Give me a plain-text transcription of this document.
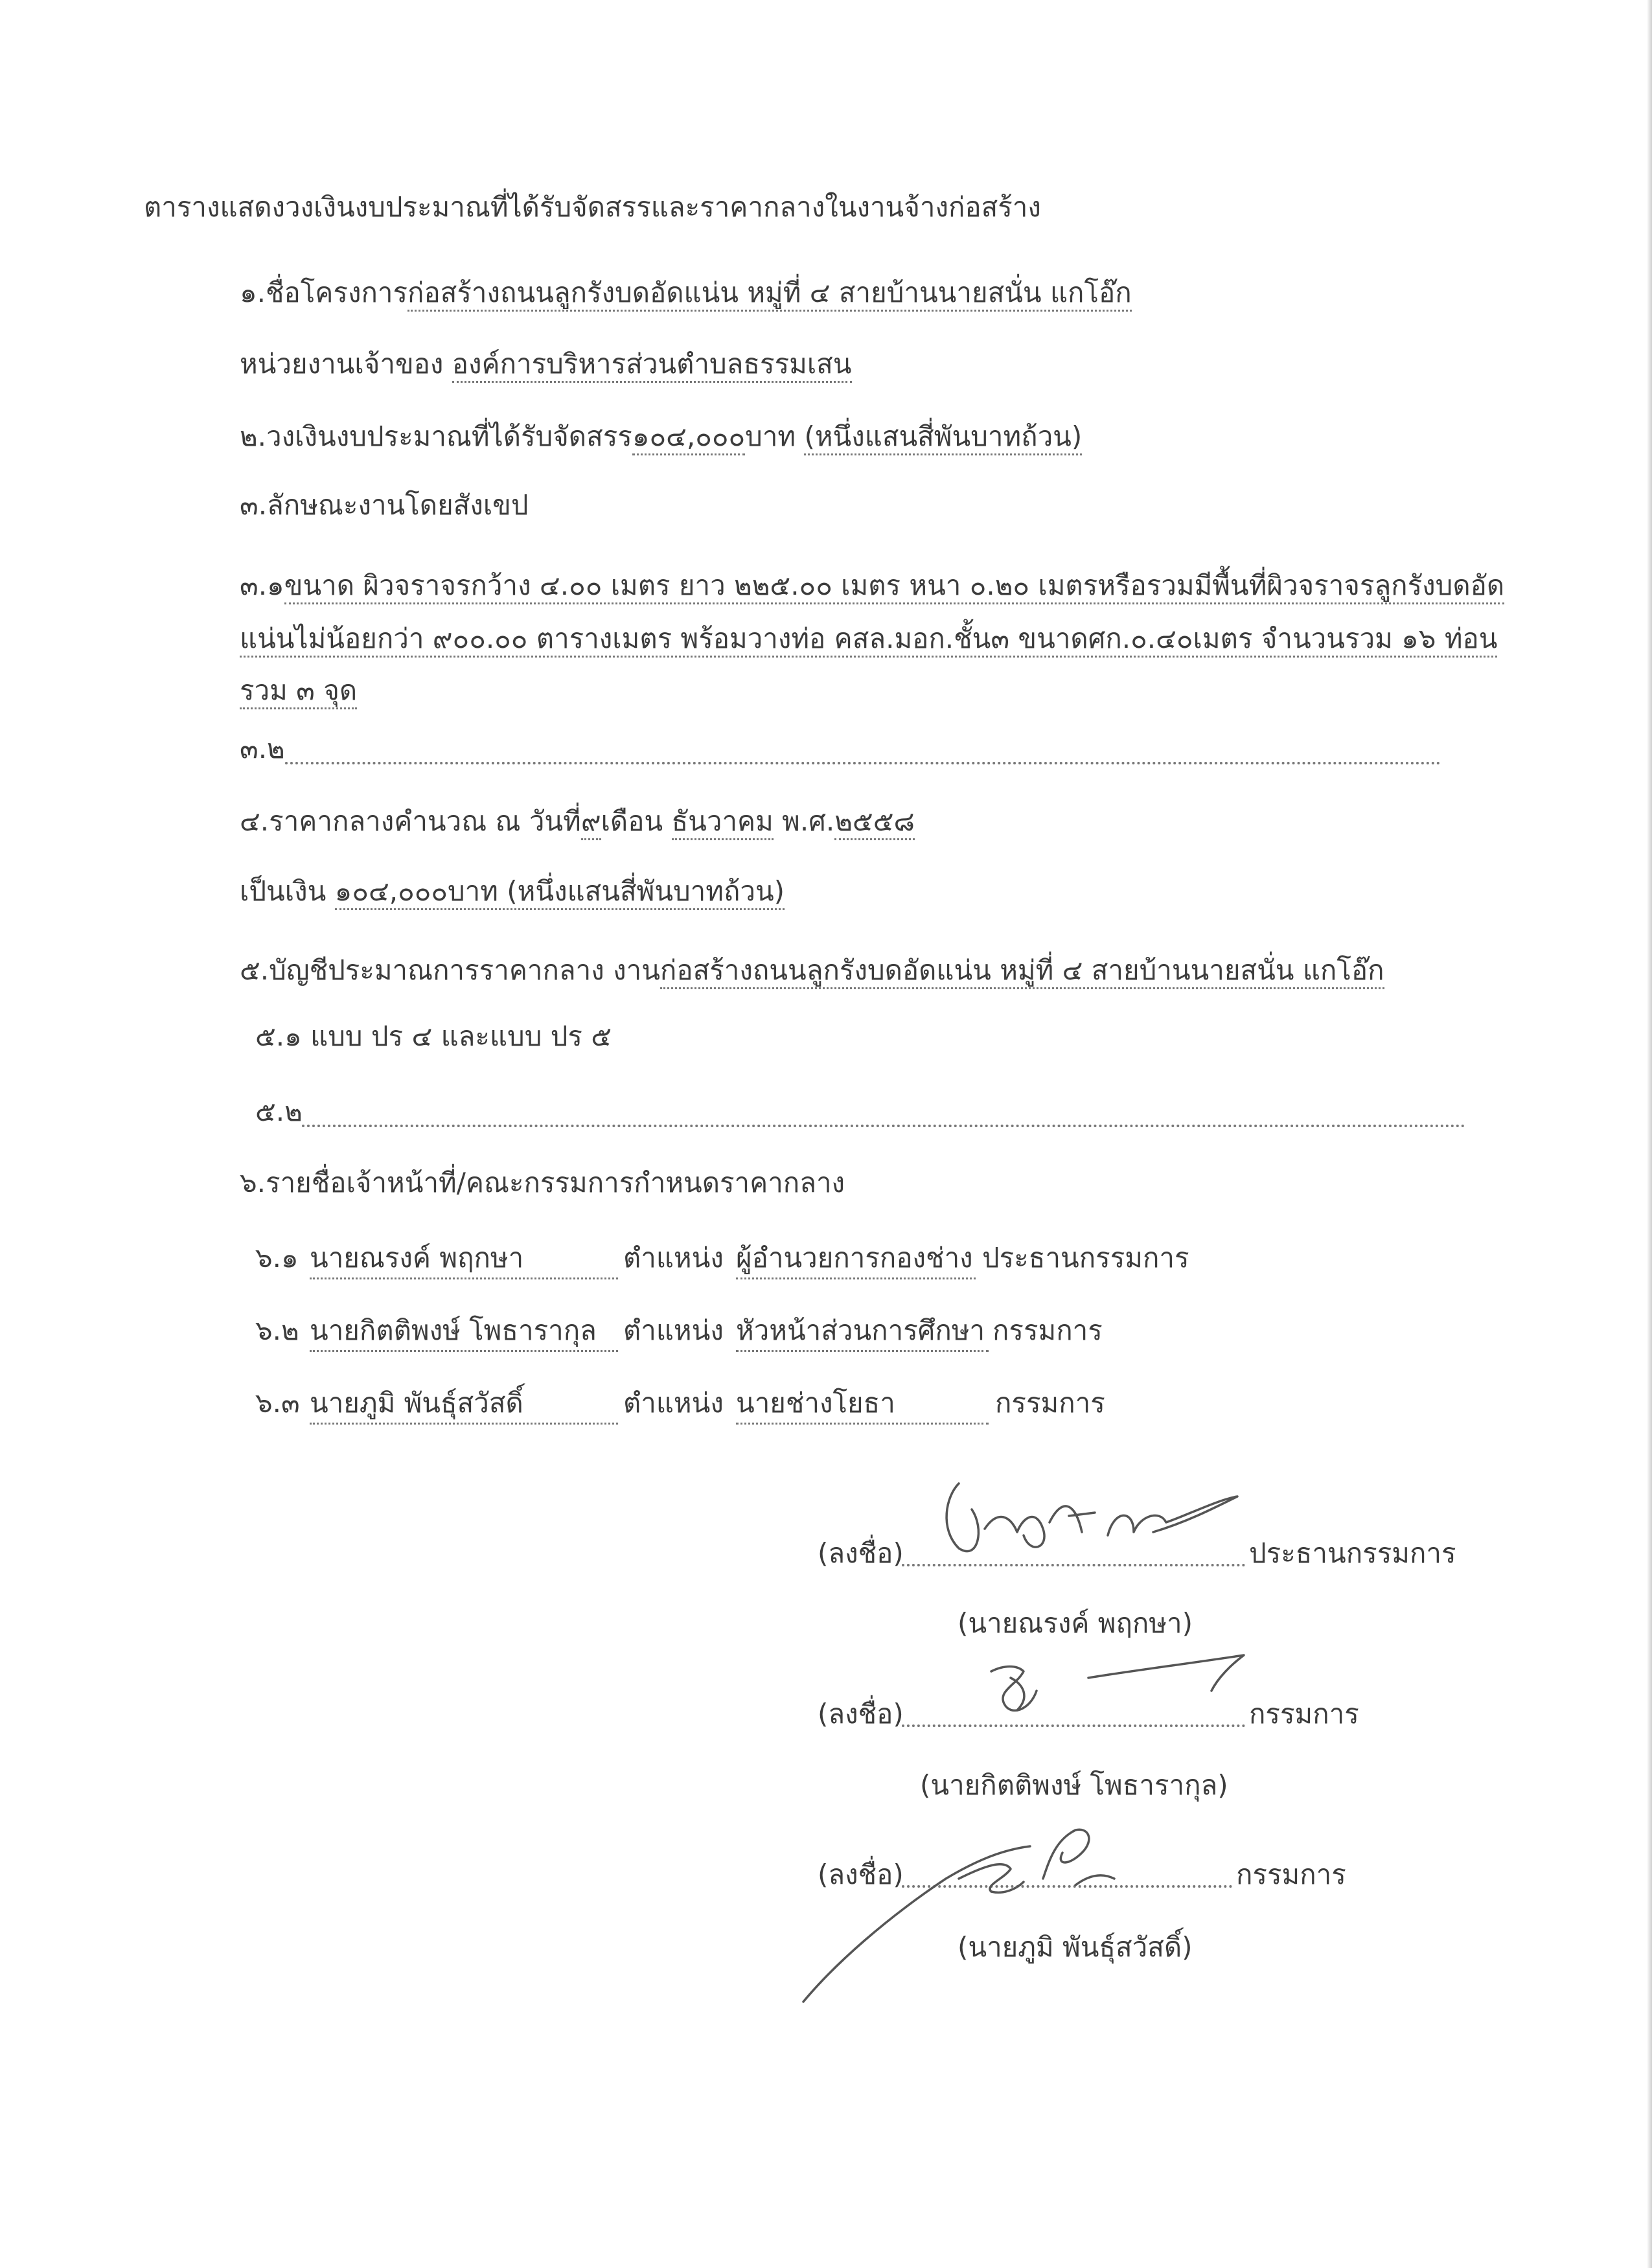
ตารางแสดงวงเงินงบประมาณที่ได้รับจัดสรรและราคากลางในงานจ้างก่อสร้าง
๑.ชื่อโครงการก่อสร้างถนนลูกรังบดอัดแน่น หมู่ที่ ๔ สายบ้านนายสนั่น แกโอ๊ก
หน่วยงานเจ้าของ องค์การบริหารส่วนตำบลธรรมเสน
๒.วงเงินงบประมาณที่ได้รับจัดสรร๑๐๔,๐๐๐บาท (หนึ่งแสนสี่พันบาทถ้วน)
๓.ลักษณะงานโดยสังเขป
๓.๑ขนาด ผิวจราจรกว้าง ๔.๐๐ เมตร ยาว ๒๒๕.๐๐ เมตร หนา ๐.๒๐ เมตรหรือรวมมีพื้นที่ผิวจราจรลูกรังบดอัด
แน่นไม่น้อยกว่า ๙๐๐.๐๐ ตารางเมตร พร้อมวางท่อ คสล.มอก.ชั้น๓ ขนาดศก.๐.๔๐เมตร จำนวนรวม ๑๖ ท่อน
รวม ๓ จุด
๓.๒
๔.ราคากลางคำนวณ ณ วันที่๙เดือน ธันวาคม พ.ศ.๒๕๕๘
เป็นเงิน ๑๐๔,๐๐๐บาท (หนึ่งแสนสี่พันบาทถ้วน)
๕.บัญชีประมาณการราคากลาง งานก่อสร้างถนนลูกรังบดอัดแน่น หมู่ที่ ๔ สายบ้านนายสนั่น แกโอ๊ก
๕.๑ แบบ ปร ๔ และแบบ ปร ๕
๕.๒
๖.รายชื่อเจ้าหน้าที่/คณะกรรมการกำหนดราคากลาง
๖.๑ นายณรงค์ พฤกษา	ตำแหน่ง ผู้อำนวยการกองช่าง ประธานกรรมการ
๖.๒ นายกิตติพงษ์ โพธารากุล ตำแหน่ง หัวหน้าส่วนการศึกษา กรรมการ
๖.๓ นายภูมิ พันธุ์สวัสดิ์	ตำแหน่ง นายช่างโยธา	กรรมการ
(ลงชื่อ)	ประธานกรรมการ
(นายณรงค์ พฤกษา)
(ลงชื่อ)	กรรมการ
(นายกิตติพงษ์ โพธารากุล)
(ลงชื่อ)	กรรมการ
(นายภูมิ พันธุ์สวัสดิ์)
